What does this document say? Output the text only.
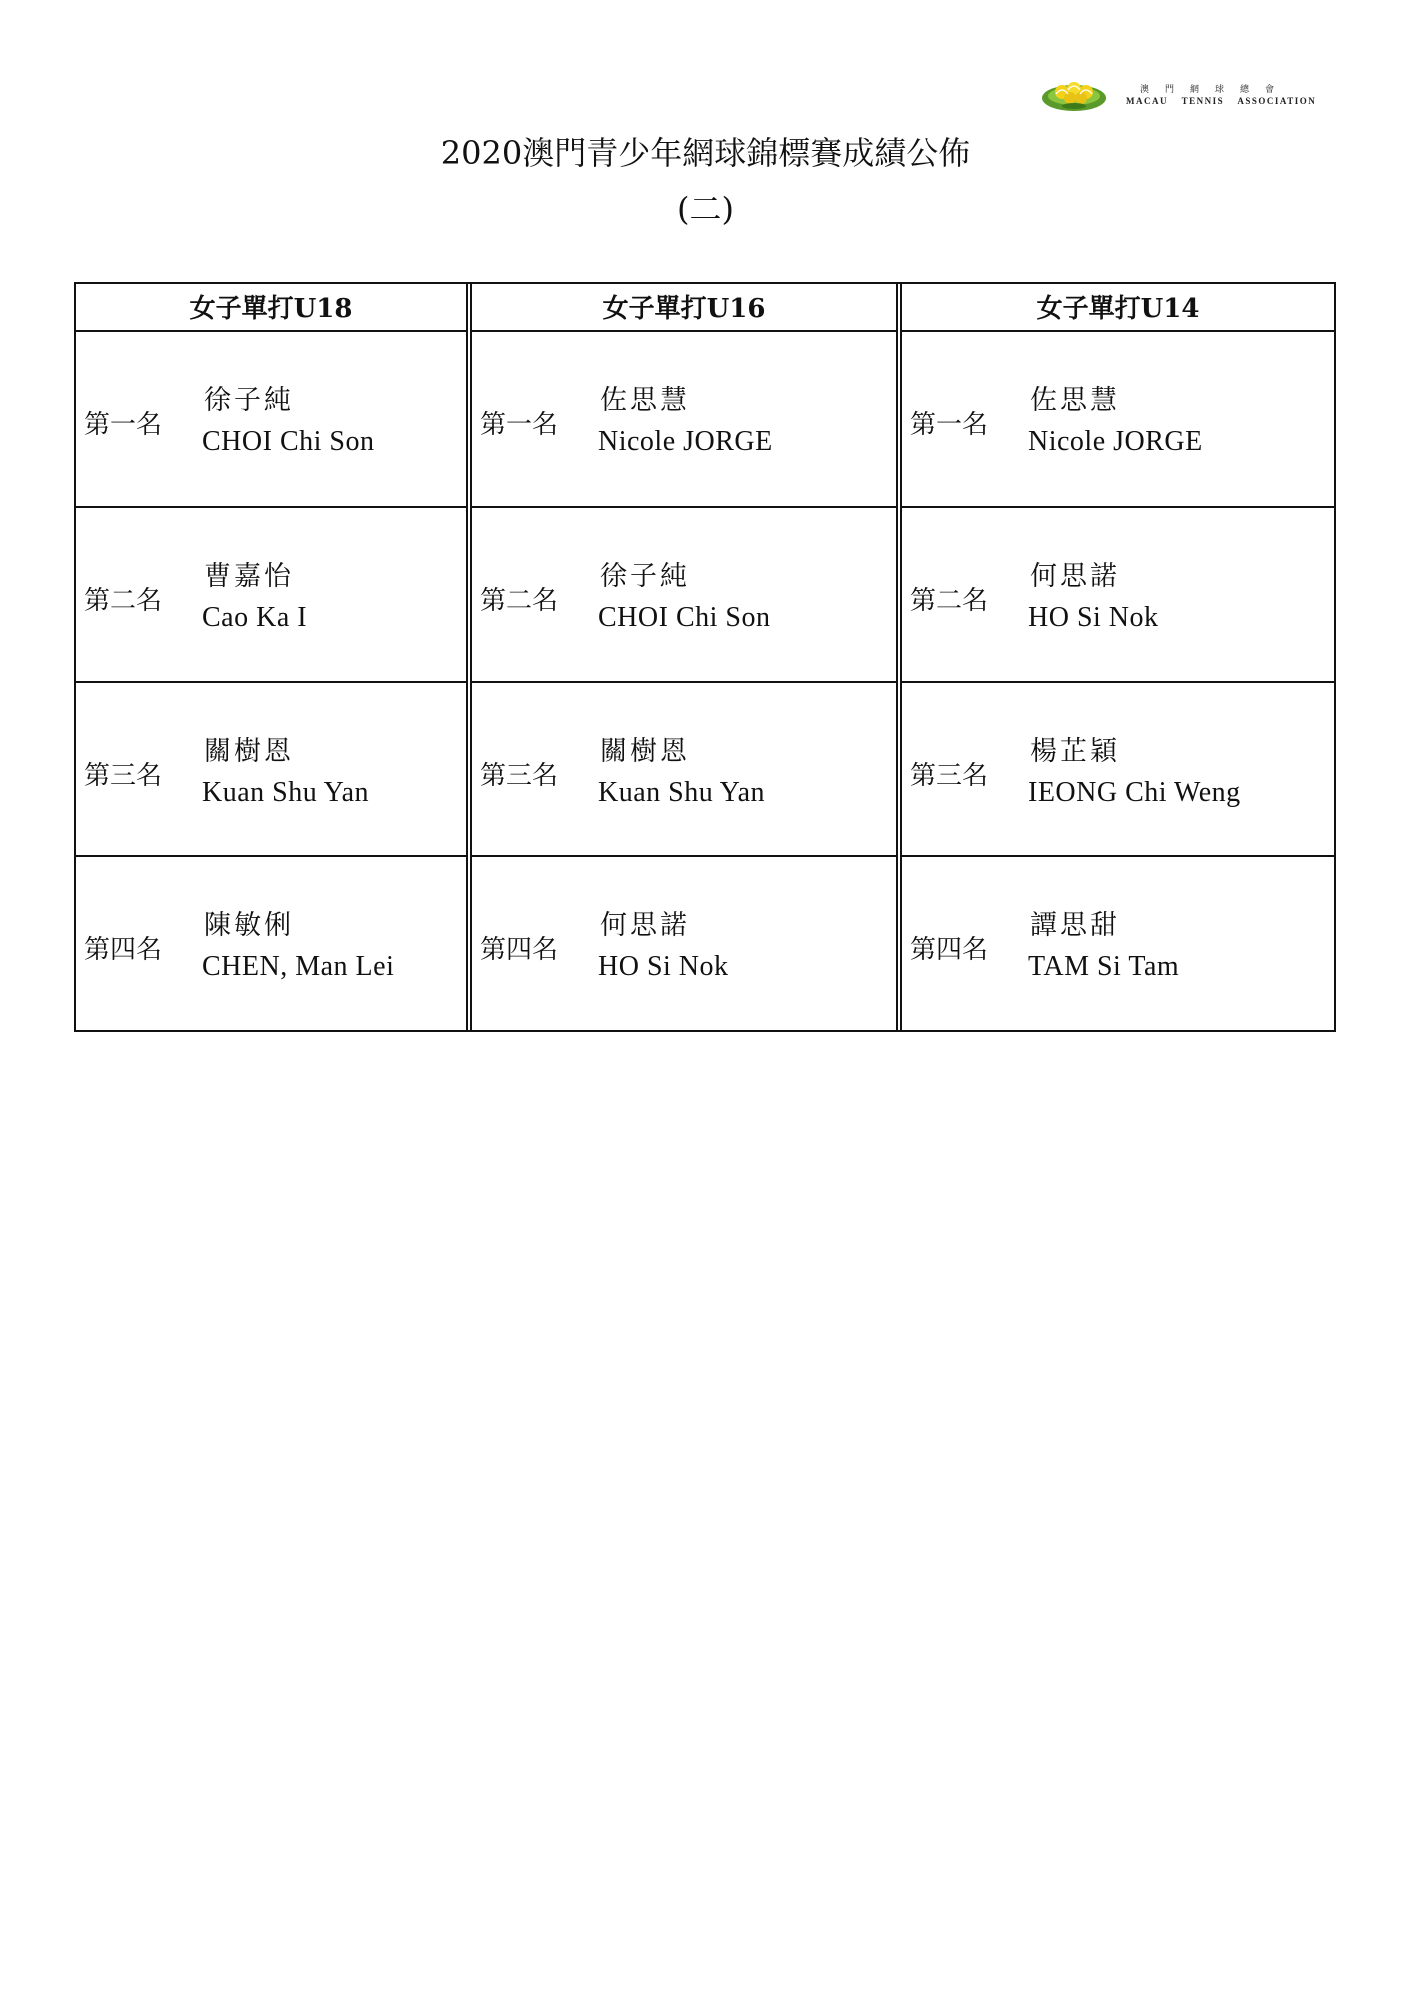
澳門網球總會
MACAU TENNIS ASSOCIATION
2020澳門青少年網球錦標賽成績公佈
(二)
女子單打U18
第一名
徐子純
CHOI Chi Son
第二名
曹嘉怡
Cao Ka I
第三名
關樹恩
Kuan Shu Yan
第四名
陳敏俐
CHEN, Man Lei
女子單打U16
第一名
佐思慧
Nicole JORGE
第二名
徐子純
CHOI Chi Son
第三名
關樹恩
Kuan Shu Yan
第四名
何思諾
HO Si Nok
女子單打U14
第一名
佐思慧
Nicole JORGE
第二名
何思諾
HO Si Nok
第三名
楊芷穎
IEONG Chi Weng
第四名
譚思甜
TAM Si Tam
